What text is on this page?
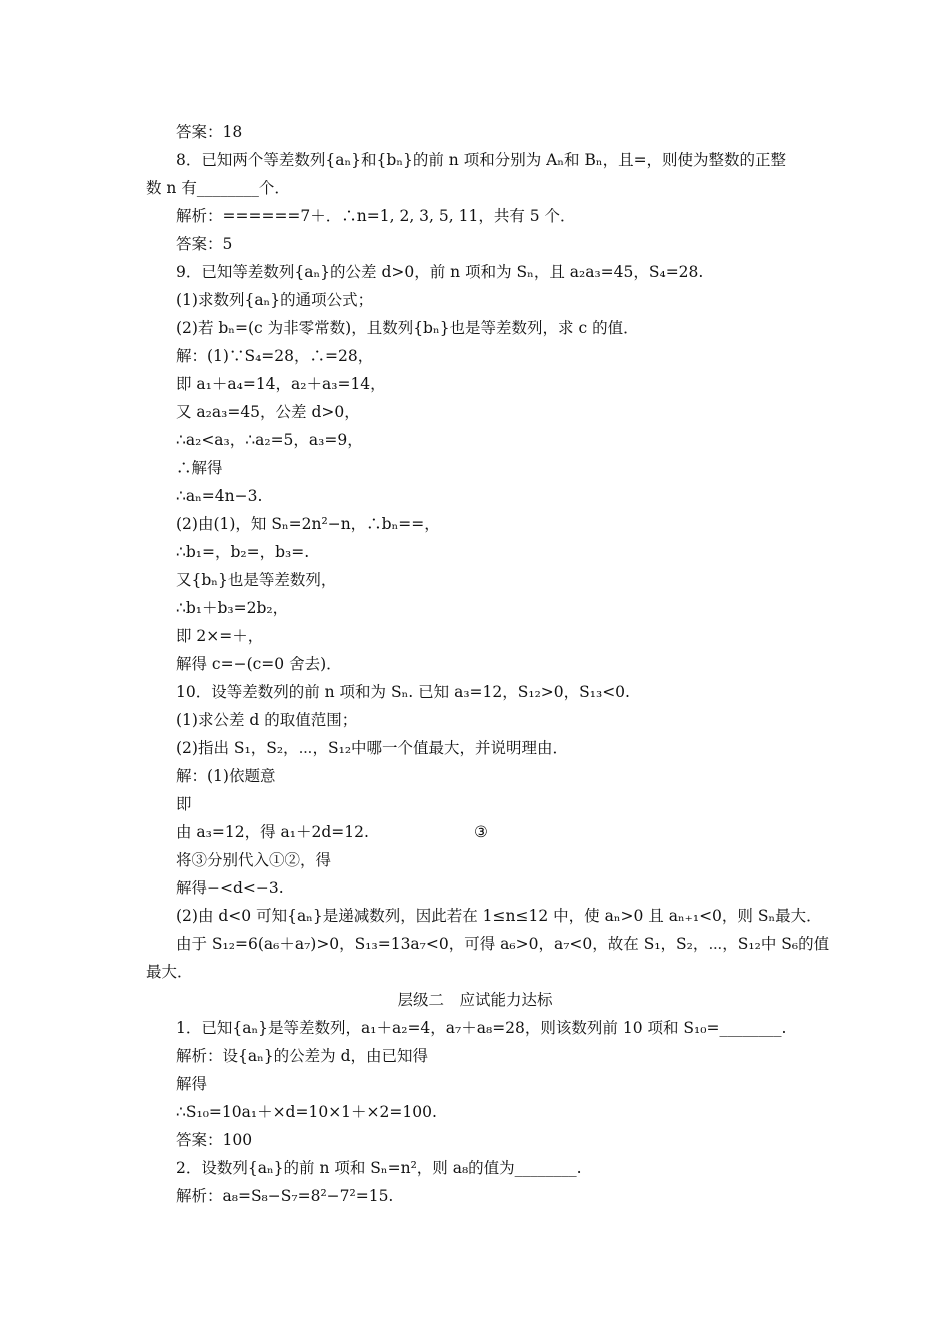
答案：18
8．已知两个等差数列{aₙ}和{bₙ}的前 n 项和分别为 Aₙ和 Bₙ，且=，则使为整数的正整
数 n 有________个．
解析：======7＋．∴n=1, 2, 3, 5, 11，共有 5 个．
答案：5
9．已知等差数列{aₙ}的公差 d>0，前 n 项和为 Sₙ，且 a₂a₃=45，S₄=28.
(1)求数列{aₙ}的通项公式；
(2)若 bₙ=(c 为非零常数)，且数列{bₙ}也是等差数列，求 c 的值．
解：(1)∵S₄=28，∴=28，
即 a₁＋a₄=14，a₂＋a₃=14，
又 a₂a₃=45，公差 d>0，
∴a₂<a₃，∴a₂=5，a₃=9，
∴解得
∴aₙ=4n−3.
(2)由(1)，知 Sₙ=2n²−n，∴bₙ==，
∴b₁=，b₂=，b₃=.
又{bₙ}也是等差数列，
∴b₁＋b₃=2b₂，
即 2×=＋，
解得 c=−(c=0 舍去)．
10．设等差数列的前 n 项和为 Sₙ. 已知 a₃=12，S₁₂>0，S₁₃<0.
(1)求公差 d 的取值范围；
(2)指出 S₁，S₂，⋯，S₁₂中哪一个值最大，并说明理由．
解：(1)依题意
即
由 a₃=12，得 a₁＋2d=12.	③
将③分别代入①②，得
解得−<d<−3.
(2)由 d<0 可知{aₙ}是递减数列，因此若在 1≤n≤12 中，使 aₙ>0 且 aₙ₊₁<0，则 Sₙ最大．
由于 S₁₂=6(a₆＋a₇)>0，S₁₃=13a₇<0，可得 a₆>0，a₇<0，故在 S₁，S₂，⋯，S₁₂中 S₆的值
最大．
层级二　应试能力达标
1．已知{aₙ}是等差数列，a₁＋a₂=4，a₇＋a₈=28，则该数列前 10 项和 S₁₀=________.
解析：设{aₙ}的公差为 d，由已知得
解得
∴S₁₀=10a₁＋×d=10×1＋×2=100.
答案：100
2．设数列{aₙ}的前 n 项和 Sₙ=n²，则 a₈的值为________.
解析：a₈=S₈−S₇=8²−7²=15.
